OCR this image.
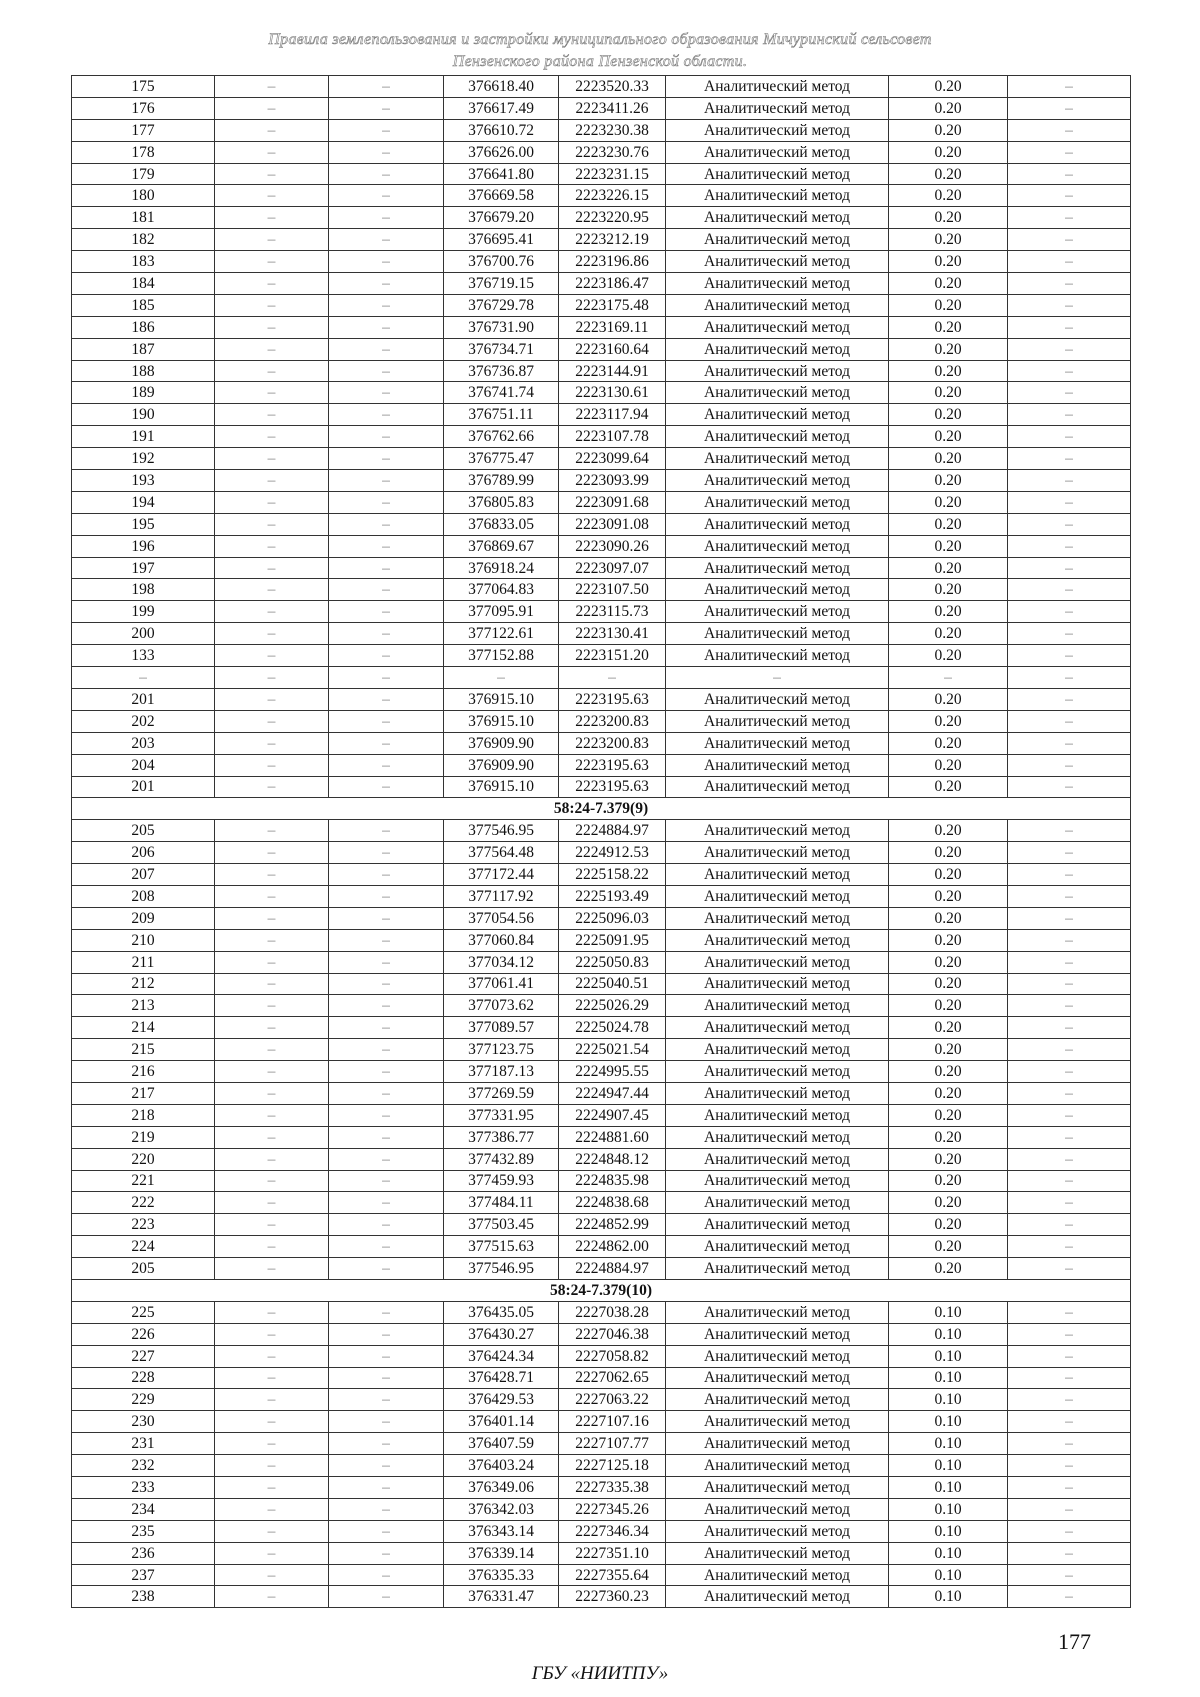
Правила землепользования и застройки муниципального образования Мичуринский сельсовет
Пензенского района Пензенской области.
175	–	–	376618.40	2223520.33	Аналитический метод	0.20	–
176	–	–	376617.49	2223411.26	Аналитический метод	0.20	–
177	–	–	376610.72	2223230.38	Аналитический метод	0.20	–
178	–	–	376626.00	2223230.76	Аналитический метод	0.20	–
179	–	–	376641.80	2223231.15	Аналитический метод	0.20	–
180	–	–	376669.58	2223226.15	Аналитический метод	0.20	–
181	–	–	376679.20	2223220.95	Аналитический метод	0.20	–
182	–	–	376695.41	2223212.19	Аналитический метод	0.20	–
183	–	–	376700.76	2223196.86	Аналитический метод	0.20	–
184	–	–	376719.15	2223186.47	Аналитический метод	0.20	–
185	–	–	376729.78	2223175.48	Аналитический метод	0.20	–
186	–	–	376731.90	2223169.11	Аналитический метод	0.20	–
187	–	–	376734.71	2223160.64	Аналитический метод	0.20	–
188	–	–	376736.87	2223144.91	Аналитический метод	0.20	–
189	–	–	376741.74	2223130.61	Аналитический метод	0.20	–
190	–	–	376751.11	2223117.94	Аналитический метод	0.20	–
191	–	–	376762.66	2223107.78	Аналитический метод	0.20	–
192	–	–	376775.47	2223099.64	Аналитический метод	0.20	–
193	–	–	376789.99	2223093.99	Аналитический метод	0.20	–
194	–	–	376805.83	2223091.68	Аналитический метод	0.20	–
195	–	–	376833.05	2223091.08	Аналитический метод	0.20	–
196	–	–	376869.67	2223090.26	Аналитический метод	0.20	–
197	–	–	376918.24	2223097.07	Аналитический метод	0.20	–
198	–	–	377064.83	2223107.50	Аналитический метод	0.20	–
199	–	–	377095.91	2223115.73	Аналитический метод	0.20	–
200	–	–	377122.61	2223130.41	Аналитический метод	0.20	–
133	–	–	377152.88	2223151.20	Аналитический метод	0.20	–
–	–	–	–	–	–	–	–
201	–	–	376915.10	2223195.63	Аналитический метод	0.20	–
202	–	–	376915.10	2223200.83	Аналитический метод	0.20	–
203	–	–	376909.90	2223200.83	Аналитический метод	0.20	–
204	–	–	376909.90	2223195.63	Аналитический метод	0.20	–
201	–	–	376915.10	2223195.63	Аналитический метод	0.20	–
58:24-7.379(9)							
205	–	–	377546.95	2224884.97	Аналитический метод	0.20	–
206	–	–	377564.48	2224912.53	Аналитический метод	0.20	–
207	–	–	377172.44	2225158.22	Аналитический метод	0.20	–
208	–	–	377117.92	2225193.49	Аналитический метод	0.20	–
209	–	–	377054.56	2225096.03	Аналитический метод	0.20	–
210	–	–	377060.84	2225091.95	Аналитический метод	0.20	–
211	–	–	377034.12	2225050.83	Аналитический метод	0.20	–
212	–	–	377061.41	2225040.51	Аналитический метод	0.20	–
213	–	–	377073.62	2225026.29	Аналитический метод	0.20	–
214	–	–	377089.57	2225024.78	Аналитический метод	0.20	–
215	–	–	377123.75	2225021.54	Аналитический метод	0.20	–
216	–	–	377187.13	2224995.55	Аналитический метод	0.20	–
217	–	–	377269.59	2224947.44	Аналитический метод	0.20	–
218	–	–	377331.95	2224907.45	Аналитический метод	0.20	–
219	–	–	377386.77	2224881.60	Аналитический метод	0.20	–
220	–	–	377432.89	2224848.12	Аналитический метод	0.20	–
221	–	–	377459.93	2224835.98	Аналитический метод	0.20	–
222	–	–	377484.11	2224838.68	Аналитический метод	0.20	–
223	–	–	377503.45	2224852.99	Аналитический метод	0.20	–
224	–	–	377515.63	2224862.00	Аналитический метод	0.20	–
205	–	–	377546.95	2224884.97	Аналитический метод	0.20	–
58:24-7.379(10)							
225	–	–	376435.05	2227038.28	Аналитический метод	0.10	–
226	–	–	376430.27	2227046.38	Аналитический метод	0.10	–
227	–	–	376424.34	2227058.82	Аналитический метод	0.10	–
228	–	–	376428.71	2227062.65	Аналитический метод	0.10	–
229	–	–	376429.53	2227063.22	Аналитический метод	0.10	–
230	–	–	376401.14	2227107.16	Аналитический метод	0.10	–
231	–	–	376407.59	2227107.77	Аналитический метод	0.10	–
232	–	–	376403.24	2227125.18	Аналитический метод	0.10	–
233	–	–	376349.06	2227335.38	Аналитический метод	0.10	–
234	–	–	376342.03	2227345.26	Аналитический метод	0.10	–
235	–	–	376343.14	2227346.34	Аналитический метод	0.10	–
236	–	–	376339.14	2227351.10	Аналитический метод	0.10	–
237	–	–	376335.33	2227355.64	Аналитический метод	0.10	–
238	–	–	376331.47	2227360.23	Аналитический метод	0.10	–
177
ГБУ «НИИТПУ»
